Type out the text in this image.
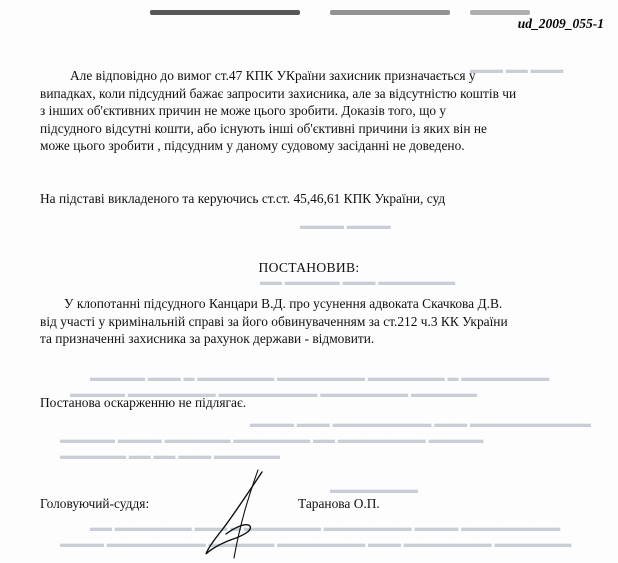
▬▬▬ ▬▬ ▬▬▬
▬▬▬▬ ▬▬▬▬
▬▬ ▬▬▬▬▬ ▬▬▬ ▬▬▬▬▬▬▬
▬▬▬▬▬ ▬▬▬ ▬ ▬▬▬▬▬▬▬ ▬▬▬▬▬▬▬▬ ▬▬▬▬▬▬▬ ▬ ▬▬▬▬▬▬▬▬
▬▬▬▬▬ ▬▬▬▬▬▬▬▬ ▬▬▬▬▬▬▬▬▬ ▬▬▬▬▬▬▬▬ ▬▬▬▬▬▬
▬▬▬▬ ▬▬▬ ▬▬▬▬▬▬▬▬▬ ▬▬▬ ▬▬▬▬▬▬▬▬▬▬▬
▬▬▬▬▬ ▬▬▬▬ ▬▬▬▬▬▬ ▬▬▬▬▬▬▬ ▬▬ ▬▬▬▬▬▬▬▬ ▬▬▬▬▬
▬▬▬▬▬▬ ▬▬ ▬▬ ▬▬▬ ▬▬▬▬▬▬
▬▬▬▬▬▬▬▬
▬▬ ▬▬▬▬▬▬▬ ▬▬▬ ▬ ▬▬▬▬▬▬▬ ▬▬▬▬▬▬▬▬ ▬▬▬▬ ▬▬▬▬▬▬▬▬▬
▬▬▬▬ ▬▬▬▬▬▬▬▬▬ ▬▬▬▬▬▬ ▬▬▬▬▬▬▬▬ ▬▬▬ ▬▬▬▬▬▬▬▬ ▬▬▬▬▬▬▬
ud_2009_055-1
Але відповідно до вимог ст.47 КПК УКраїни захисник призначається у
випадках, коли підсудний бажає запросити захисника, але за відсутністю коштів чи
з інших об'єктивних причин не може цього зробити. Доказів того, що у
підсудного відсутні кошти, або існують інші об'єктивні причини із яких він не
може цього зробити , підсудним у даному судовому засіданні не доведено.
На підставі викладеного та керуючись ст.ст. 45,46,61 КПК України, суд
ПОСТАНОВИВ:
У клопотанні підсудного Канцари В.Д. про усунення адвоката Скачкова Д.В.
від участі у кримінальній справі за його обвинуваченням за ст.212 ч.3 КК України
та призначенні захисника за рахунок держави - відмовити.
Постанова оскарженню не підлягає.
Головуючий-суддя:	Таранова О.П.
